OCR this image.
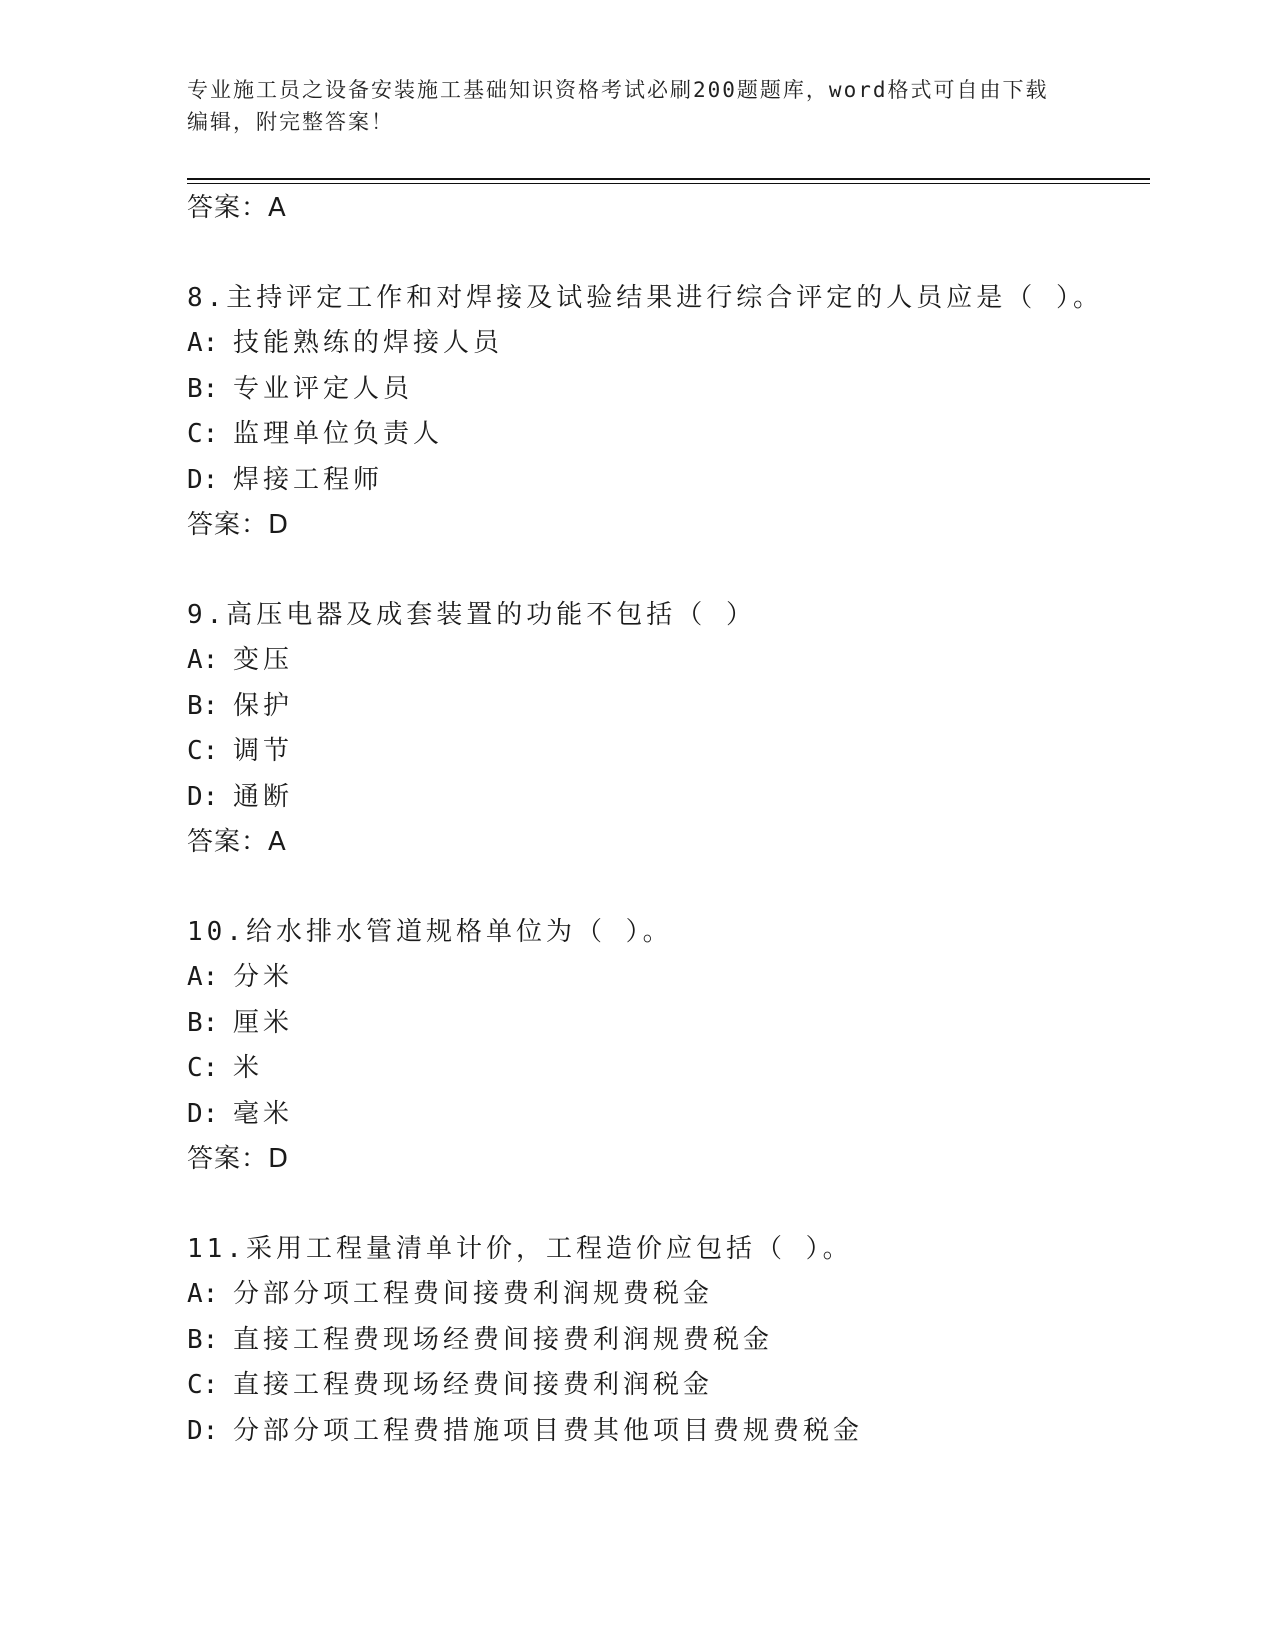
专业施工员之设备安装施工基础知识资格考试必刷200题题库，word格式可自由下载编辑，附完整答案！
答案：A
8.主持评定工作和对焊接及试验结果进行综合评定的人员应是（ ）。
A: 技能熟练的焊接人员
B: 专业评定人员
C: 监理单位负责人
D: 焊接工程师
答案：D
9.高压电器及成套装置的功能不包括（ ）
A: 变压
B: 保护
C: 调节
D: 通断
答案：A
10.给水排水管道规格单位为（ ）。
A: 分米
B: 厘米
C: 米
D: 毫米
答案：D
11.采用工程量清单计价，工程造价应包括（ ）。
A: 分部分项工程费间接费利润规费税金
B: 直接工程费现场经费间接费利润规费税金
C: 直接工程费现场经费间接费利润税金
D: 分部分项工程费措施项目费其他项目费规费税金
